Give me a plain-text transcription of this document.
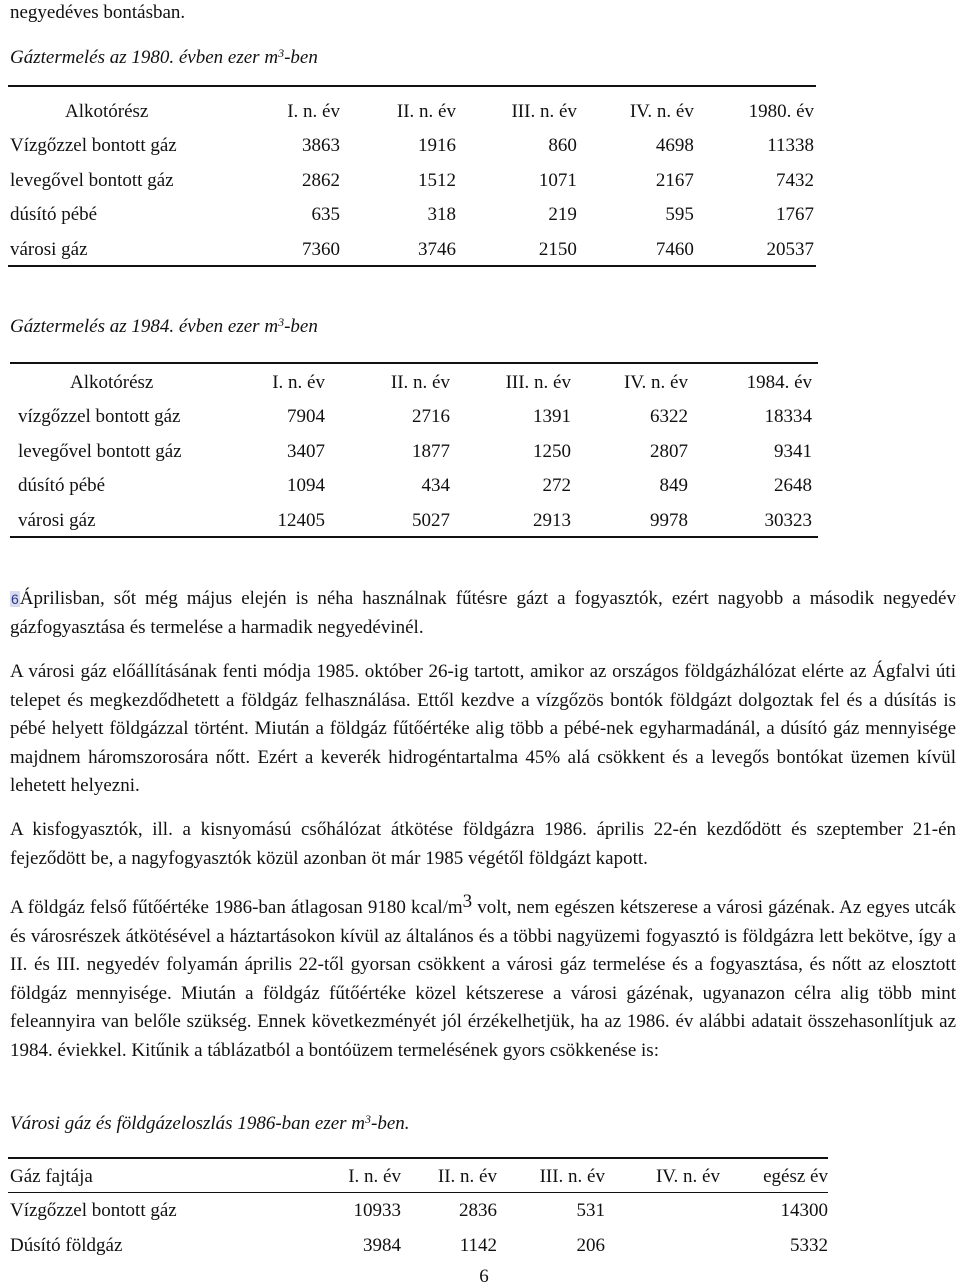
negyedéves bontásban.
Gáztermelés az 1980. évben ezer $m^3$-ben
Alkotórész	I. n. év	II. n. év	III. n. év	IV. n. év	1980. év
Vízgőzzel bontott gáz	3863	1916	860	4698	11338
levegővel bontott gáz	2862	1512	1071	2167	7432
dúsító pébé	635	318	219	595	1767
városi gáz	7360	3746	2150	7460	20537
Gáztermelés az 1984. évben ezer $m^3$-ben
Alkotórész	I. n. év	II. n. év	III. n. év	IV. n. év	1984. év
vízgőzzel bontott gáz	7904	2716	1391	6322	18334
levegővel bontott gáz	3407	1877	1250	2807	9341
dúsító pébé	1094	434	272	849	2648
városi gáz	12405	5027	2913	9978	30323
6Áprilisban, sőt még május elején is néha használnak fűtésre gázt a fogyasztók, ezért nagyobb a második negyedév gázfogyasztása és termelése a harmadik negyedévinél.
A városi gáz előállításának fenti módja 1985. október 26-ig tartott, amikor az országos földgázhálózat elérte az Ágfalvi úti telepet és megkezdődhetett a földgáz felhasználása. Ettől kezdve a vízgőzös bontók földgázt dolgoztak fel és a dúsítás is pébé helyett földgázzal történt. Miután a földgáz fűtőértéke alig több a pébé-nek egyharmadánál, a dúsító gáz mennyisége majdnem háromszorosára nőtt. Ezért a keverék hidrogéntartalma 45% alá csökkent és a levegős bontókat üzemen kívül lehetett helyezni.
A kisfogyasztók, ill. a kisnyomású csőhálózat átkötése földgázra 1986. április 22-én kezdődött és szeptember 21-én fejeződött be, a nagyfogyasztók közül azonban öt már 1985 végétől földgázt kapott.
A földgáz felső fűtőértéke 1986-ban átlagosan 9180 kcal/$m^3$ volt, nem egészen kétszerese a városi gázénak. Az egyes utcák és városrészek átkötésével a háztartásokon kívül az általános és a többi nagyüzemi fogyasztó is földgázra lett bekötve, így a II. és III. negyedév folyamán április 22-től gyorsan csökkent a városi gáz termelése és a fogyasztása, és nőtt az elosztott földgáz mennyisége. Miután a földgáz fűtőértéke közel kétszerese a városi gázénak, ugyanazon célra alig több mint feleannyira van belőle szükség. Ennek következményét jól érzékelhetjük, ha az 1986. év alábbi adatait összehasonlítjuk az 1984. éviekkel. Kitűnik a táblázatból a bontóüzem termelésének gyors csökkenése is:
Városi gáz és földgázeloszlás 1986-ban ezer $m^3$-ben.
Gáz fajtája	I. n. év	II. n. év	III. n. év	IV. n. év	egész év
Vízgőzzel bontott gáz	10933	2836	531		14300
Dúsító földgáz	3984	1142	206		5332
6
